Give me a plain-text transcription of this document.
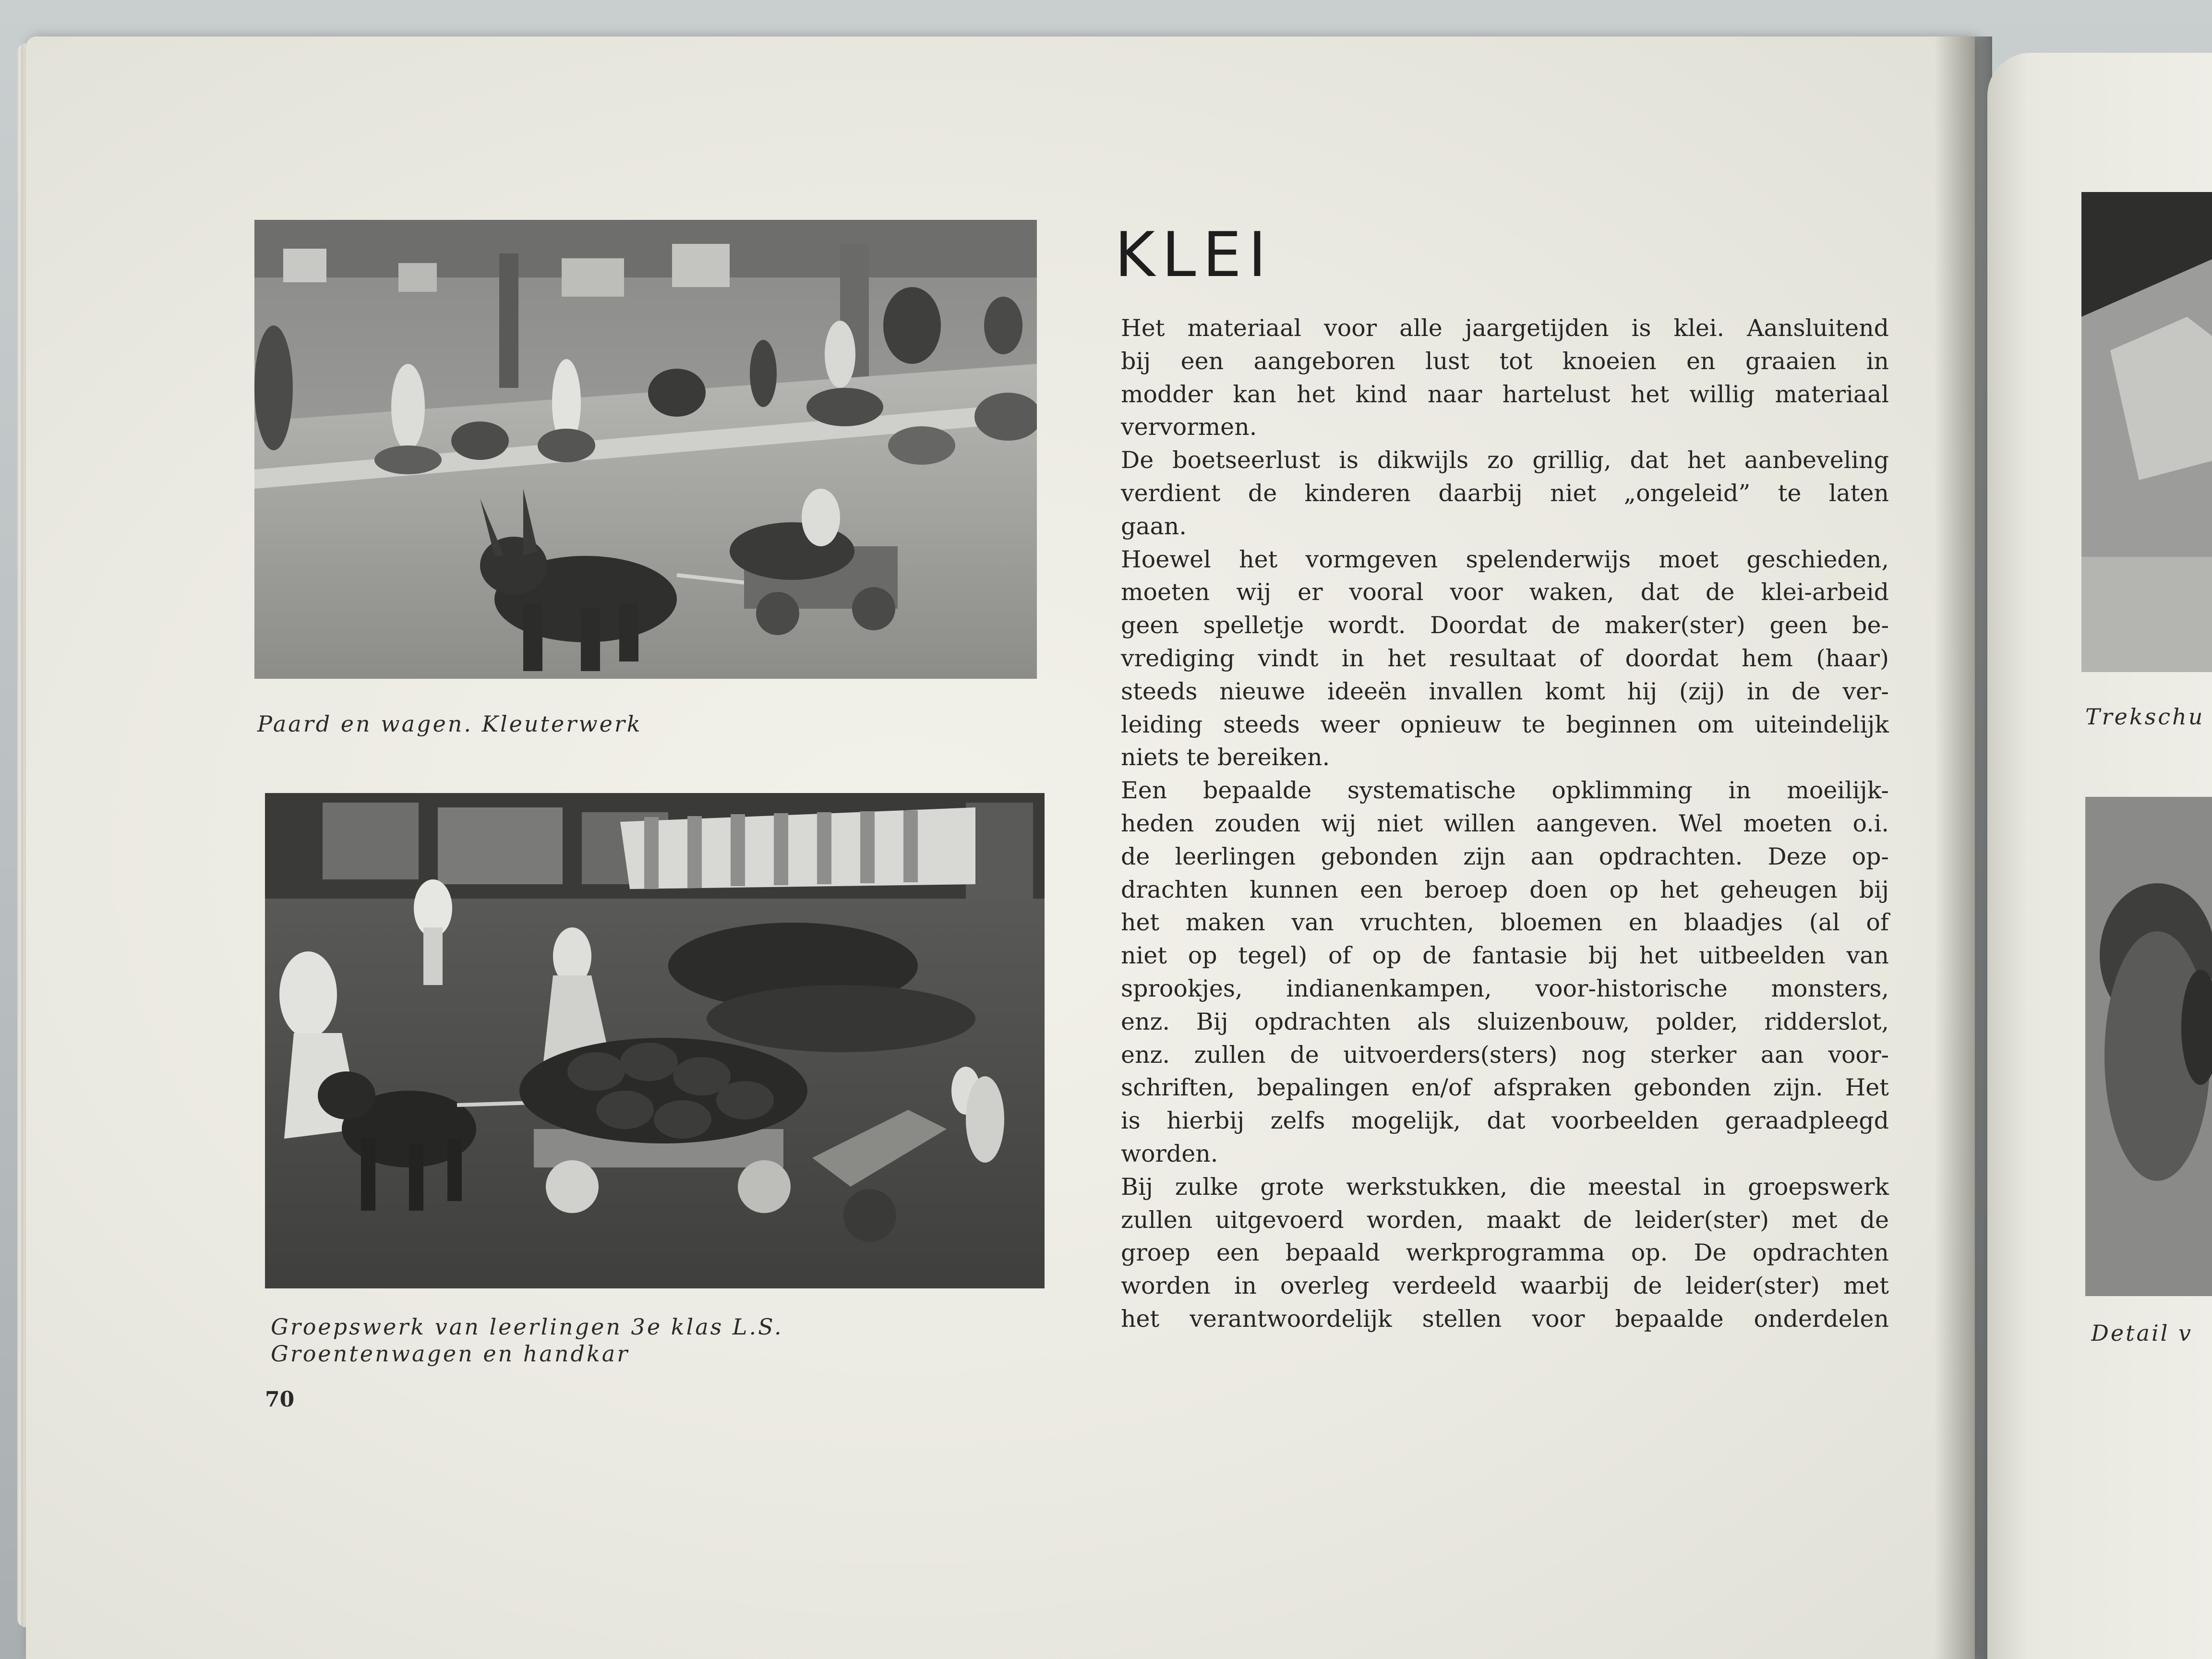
Paard en wagen. Kleuterwerk
Groepswerk van leerlingen 3e klas L.S.
Groentenwagen en handkar
70
KLEI
Het materiaal voor alle jaargetijden is klei. Aansluitend
bij een aangeboren lust tot knoeien en graaien in
modder kan het kind naar hartelust het willig materiaal
vervormen.
De boetseerlust is dikwijls zo grillig, dat het aanbeveling
verdient de kinderen daarbij niet „ongeleid” te laten
gaan.
Hoewel het vormgeven spelenderwijs moet geschieden,
moeten wij er vooral voor waken, dat de klei-arbeid
geen spelletje wordt. Doordat de maker(ster) geen be-
vrediging vindt in het resultaat of doordat hem (haar)
steeds nieuwe ideeën invallen komt hij (zij) in de ver-
leiding steeds weer opnieuw te beginnen om uiteindelijk
niets te bereiken.
Een bepaalde systematische opklimming in moeilijk-
heden zouden wij niet willen aangeven. Wel moeten o.i.
de leerlingen gebonden zijn aan opdrachten. Deze op-
drachten kunnen een beroep doen op het geheugen bij
het maken van vruchten, bloemen en blaadjes (al of
niet op tegel) of op de fantasie bij het uitbeelden van
sprookjes, indianenkampen, voor-historische monsters,
enz. Bij opdrachten als sluizenbouw, polder, ridderslot,
enz. zullen de uitvoerders(sters) nog sterker aan voor-
schriften, bepalingen en/of afspraken gebonden zijn. Het
is hierbij zelfs mogelijk, dat voorbeelden geraadpleegd
worden.
Bij zulke grote werkstukken, die meestal in groepswerk
zullen uitgevoerd worden, maakt de leider(ster) met de
groep een bepaald werkprogramma op. De opdrachten
worden in overleg verdeeld waarbij de leider(ster) met
het verantwoordelijk stellen voor bepaalde onderdelen
Trekschu
Detail v
